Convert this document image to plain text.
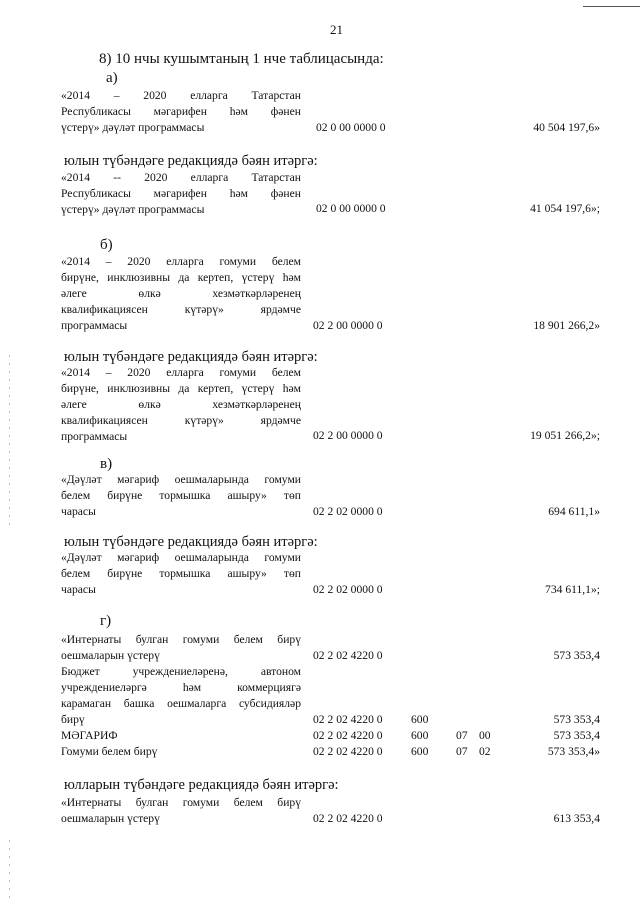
21
8) 10 нчы кушымтаның 1 нче таблицасында:
а)
«2014 – 2020 елларга Татарстан
Республикасы мәгарифен һәм фәнен
үстерү» дәүләт программасы	02 0 00 0000 0	40 504 197,6»
юлын түбәндәге редакциядә бәян итәргә:
«2014 -- 2020 елларга Татарстан
Республикасы мәгарифен һәм фәнен
үстерү» дәүләт программасы	02 0 00 0000 0	41 054 197,6»;
б)
«2014 – 2020 елларга гомуми белем
бирүне, инклюзивны да кертеп, үстерү һәм
әлеге өлкә хезмәткәрләренең
квалификациясен күтәрү» ярдәмче
программасы	02 2 00 0000 0	18 901 266,2»
юлын түбәндәге редакциядә бәян итәргә:
«2014 – 2020 елларга гомуми белем
бирүне, инклюзивны да кертеп, үстерү һәм
әлеге өлкә хезмәткәрләренең
квалификациясен күтәрү» ярдәмче
программасы	02 2 00 0000 0	19 051 266,2»;
в)
«Дәүләт мәгариф оешмаларында гомуми
белем бирүне тормышка ашыру» төп
чарасы	02 2 02 0000 0	694 611,1»
юлын түбәндәге редакциядә бәян итәргә:
«Дәүләт мәгариф оешмаларында гомуми
белем бирүне тормышка ашыру» төп
чарасы	02 2 02 0000 0	734 611,1»;
г)
«Интернаты булган гомуми белем бирү
оешмаларын үстерү	02 2 02 4220 0	573 353,4
Бюджет учреждениеләренә, автоном
учреждениеләргә һәм коммерциягә
карамаган башка оешмаларга субсидияләр
бирү	02 2 02 4220 0 600	573 353,4
МӘГАРИФ	02 2 02 4220 0 600 07 00	573 353,4
Гомуми белем бирү	02 2 02 4220 0 600 07 02	573 353,4»
юлларын түбәндәге редакциядә бәян итәргә:
«Интернаты булган гомуми белем бирү
оешмаларын үстерү	02 2 02 4220 0	613 353,4
